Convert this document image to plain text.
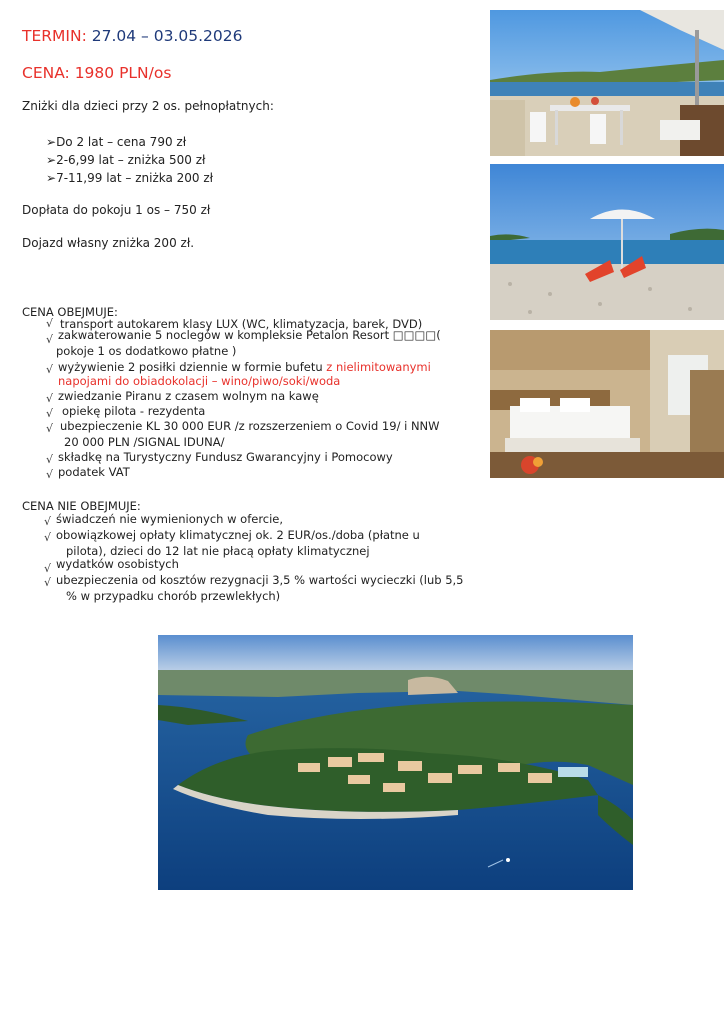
TERMIN: 27.04 – 03.05.2026
CENA: 1980 PLN/os
Zniżki dla dzieci przy 2 os. pełnopłatnych:
➢Do 2 lat – cena 790 zł
➢2-6,99 lat – zniżka 500 zł
➢7-11,99 lat – zniżka 200 zł
Dopłata do pokoju 1 os – 750 zł
Dojazd własny zniżka 200 zł.
CENA OBEJMUJE:
√ transport autokarem klasy LUX (WC, klimatyzacja, barek, DVD)
√ zakwaterowanie 5 noclegów w kompleksie Petalon Resort □□□□(
pokoje 1 os dodatkowo płatne )
√ wyżywienie 2 posiłki dziennie w formie bufetu z nielimitowanymi
napojami do obiadokolacji – wino/piwo/soki/woda
√ zwiedzanie Piranu z czasem wolnym na kawę
√ opiekę pilota - rezydenta
√ ubezpieczenie KL 30 000 EUR /z rozszerzeniem o Covid 19/ i NNW
20 000 PLN /SIGNAL IDUNA/
√ składkę na Turystyczny Fundusz Gwarancyjny i Pomocowy
√ podatek VAT
CENA NIE OBEJMUJE:
√ świadczeń nie wymienionych w ofercie,
√ obowiązkowej opłaty klimatycznej ok. 2 EUR/os./doba (płatne u
pilota), dzieci do 12 lat nie płacą opłaty klimatycznej
√ wydatków osobistych
√ ubezpieczenia od kosztów rezygnacji 3,5 % wartości wycieczki (lub 5,5
% w przypadku chorób przewlekłych)
